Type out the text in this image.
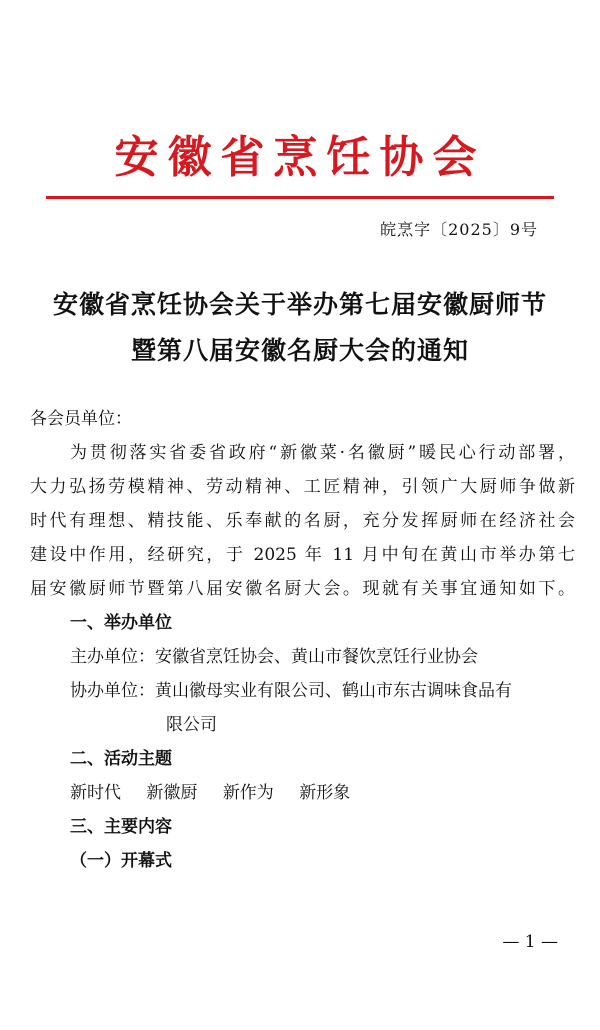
安徽省烹饪协会
皖烹字〔2025〕9号
安徽省烹饪协会关于举办第七届安徽厨师节
暨第八届安徽名厨大会的通知
各会员单位：
为贯彻落实省委省政府“新徽菜·名徽厨”暖民心行动部署，
大力弘扬劳模精神、劳动精神、工匠精神，引领广大厨师争做新
时代有理想、精技能、乐奉献的名厨，充分发挥厨师在经济社会
建设中作用，经研究，于 2025 年 11 月中旬在黄山市举办第七
届安徽厨师节暨第八届安徽名厨大会。现就有关事宜通知如下。
一、举办单位
主办单位：安徽省烹饪协会、黄山市餐饮烹饪行业协会
协办单位：黄山徽母实业有限公司、鹤山市东古调味食品有
限公司
二、活动主题
新时代 新徽厨 新作为 新形象
三、主要内容
（一）开幕式
— 1 —
